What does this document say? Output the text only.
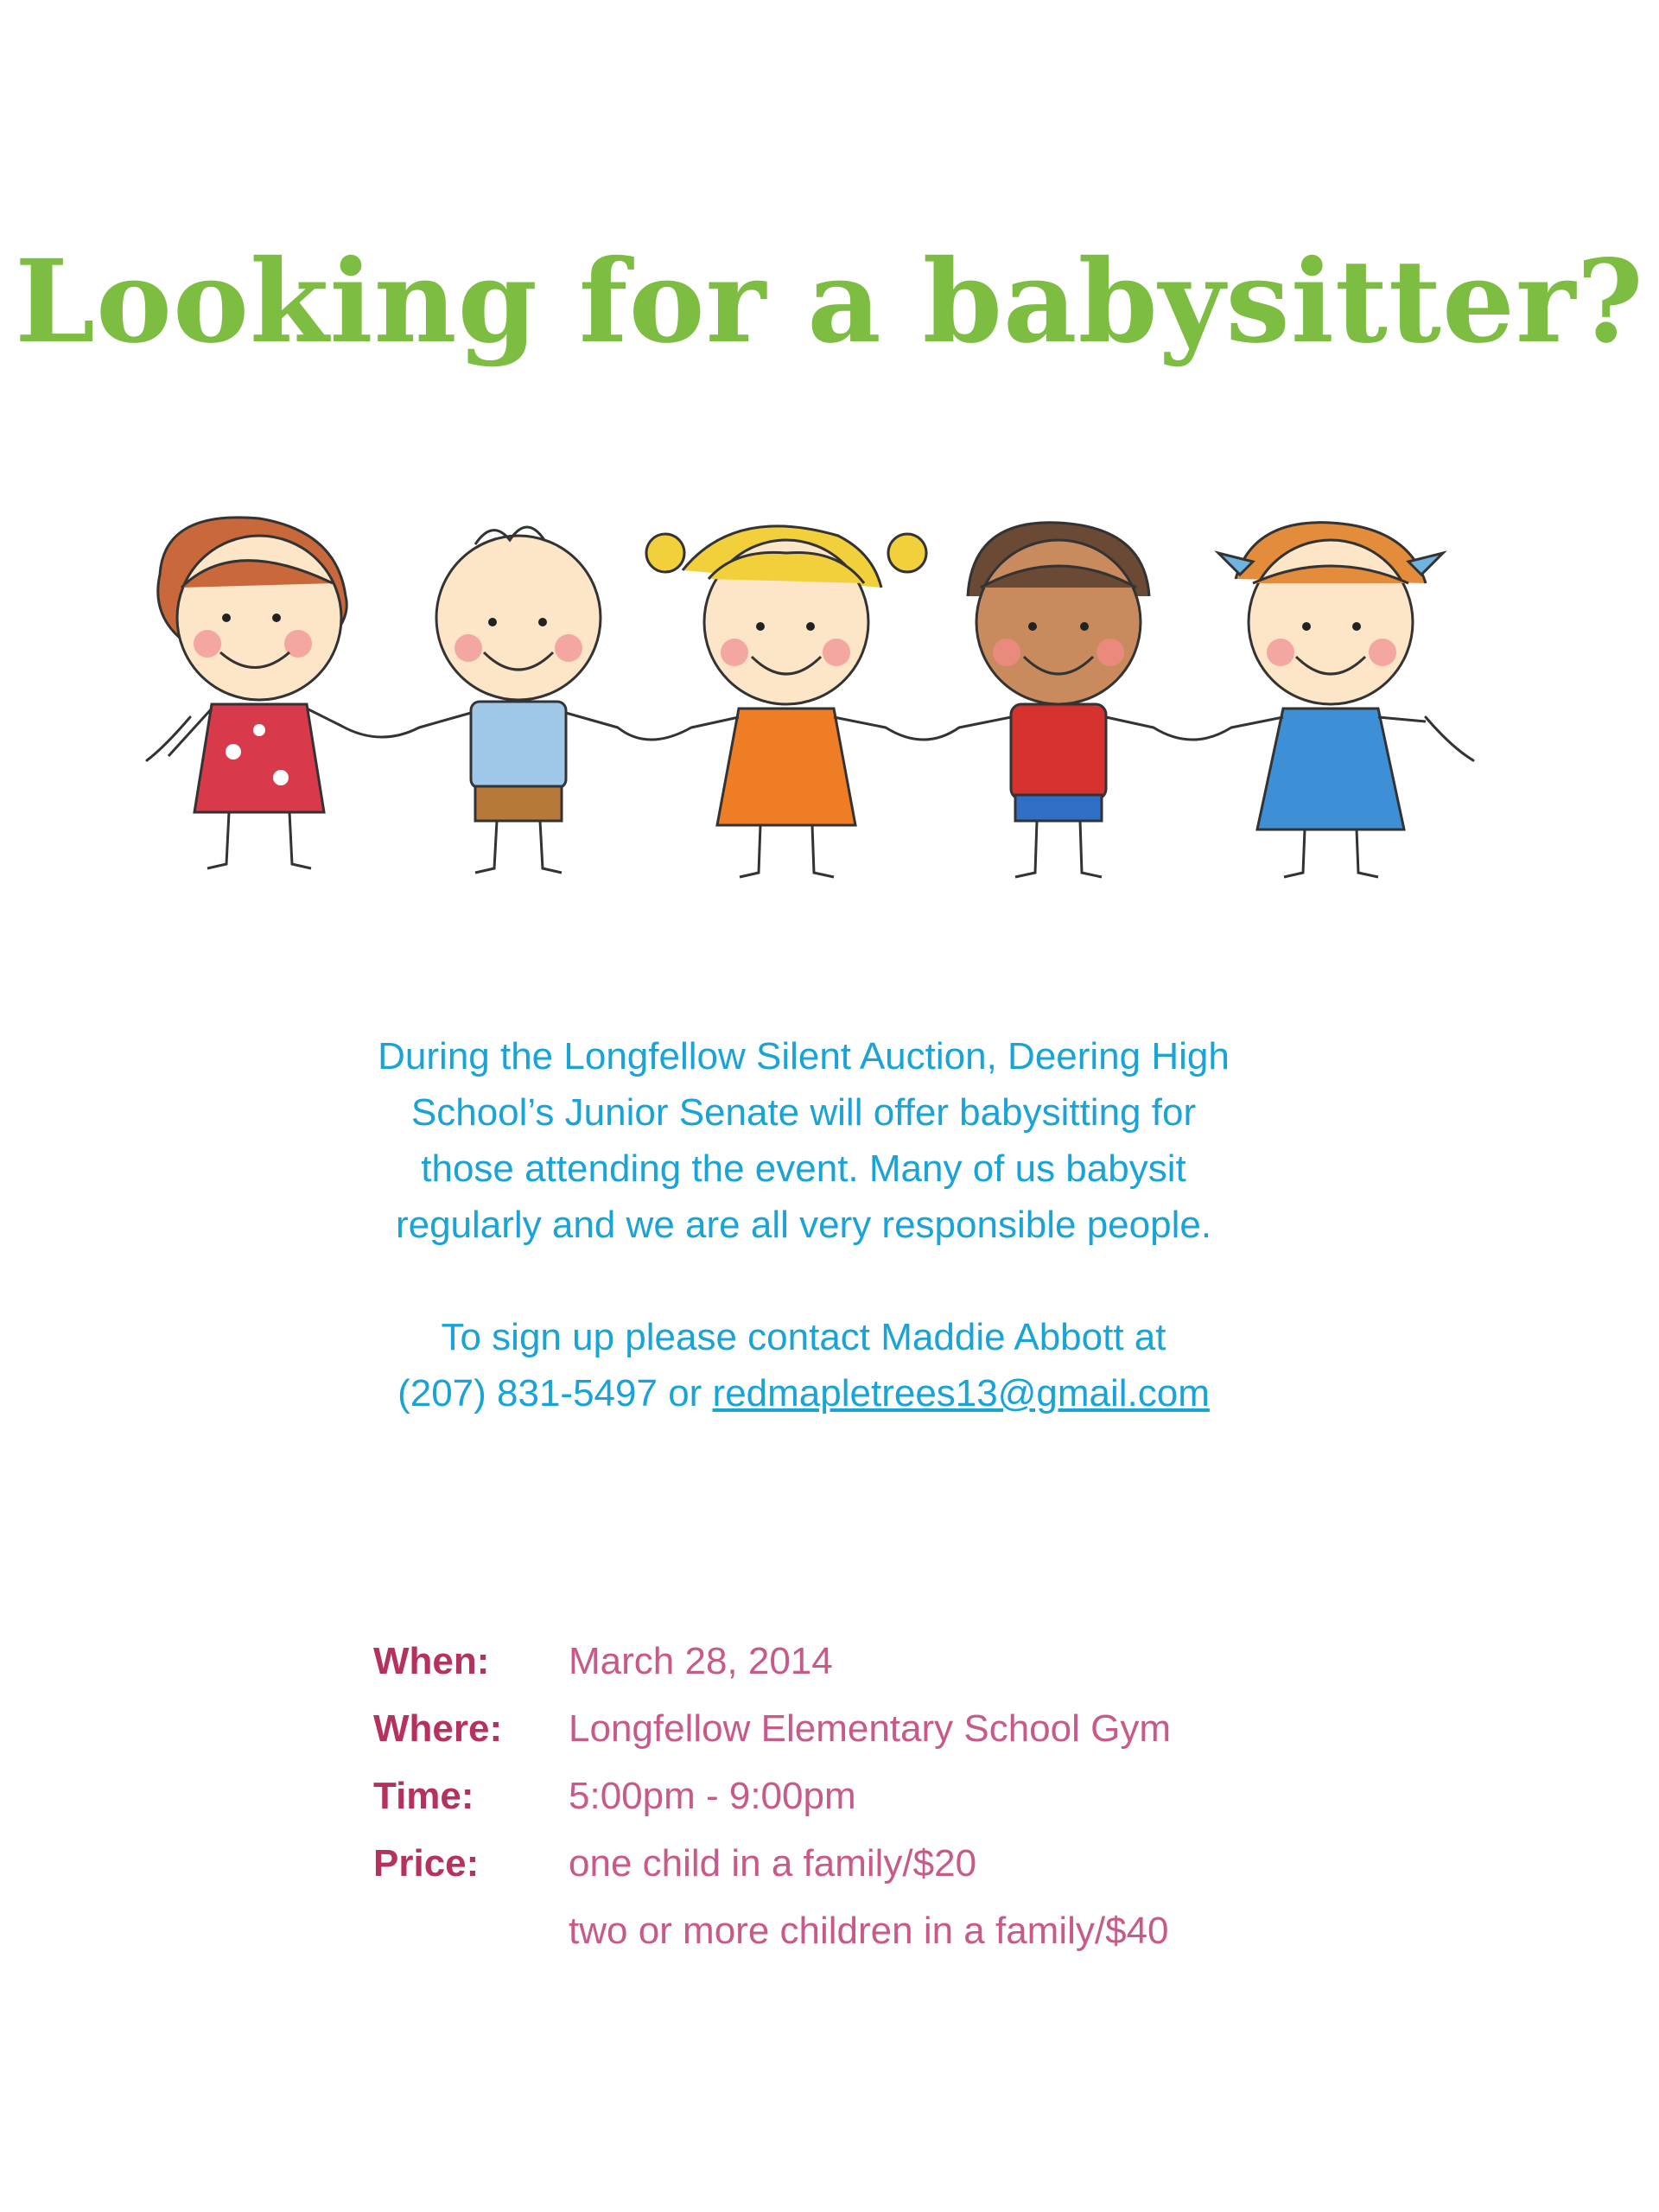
Looking for a babysitter?

During the Longfellow Silent Auction, Deering High

School’s Junior Senate will offer babysitting for

those attending the event. Many of us babysit

regularly and we are all very responsible people.

To sign up please contact Maddie Abbott at

(207) 831-5497 or redmapletrees13@gmail.com

When:	March 28, 2014
Where:	Longfellow Elementary School Gym
Time:	5:00pm - 9:00pm
Price:	one child in a family/$20
two or more children in a family/$40
